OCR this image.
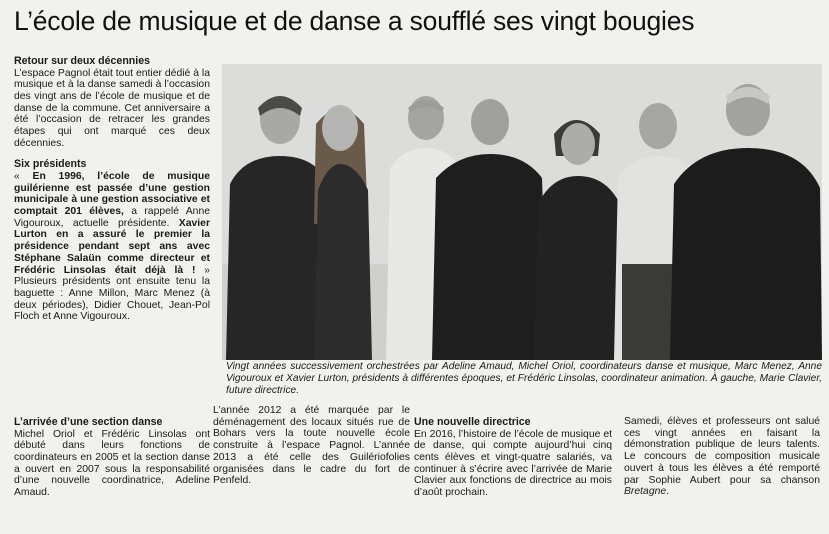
L’école de musique et de danse a soufflé ses vingt bougies

Retour sur deux décennies

L’espace Pagnol était tout entier dédié à la musique et à la danse samedi à l’occasion des vingt ans de l’école de musique et de danse de la commune. Cet anniversaire a été l’occasion de retracer les grandes étapes qui ont marqué ces deux décennies.

Six présidents

« En 1996, l’école de musique guilérienne est passée d’une gestion municipale à une gestion associative et comptait 201 élèves, a rappelé Anne Vigouroux, actuelle présidente. Xavier Lurton en a assuré le premier la présidence pendant sept ans avec Stéphane Salaün comme directeur et Frédéric Linsolas était déjà là ! » Plusieurs présidents ont ensuite tenu la baguette : Anne Millon, Marc Menez (à deux périodes), Didier Chouet, Jean-Pol Floch et Anne Vigouroux.

L’arrivée d’une section danse

Michel Oriol et Frédéric Linsolas ont débuté dans leurs fonctions de coordinateurs en 2005 et la section danse a ouvert en 2007 sous la responsabilité d’une nouvelle coordinatrice, Adeline Amaud.

L’année 2012 a été marquée par le déménagement des locaux situés rue de Bohars vers la toute nouvelle école construite à l’espace Pagnol. L’année 2013 a été celle des Guilériofolies organisées dans le cadre du fort de Penfeld.

Une nouvelle directrice

En 2016, l’histoire de l’école de musique et de danse, qui compte aujourd’hui cinq cents élèves et vingt-quatre salariés, va continuer à s’écrire avec l’arrivée de Marie Clavier aux fonctions de directrice au mois d’août prochain.

Samedi, élèves et professeurs ont salué ces vingt années en faisant la démonstration publique de leurs talents. Le concours de composition musicale ouvert à tous les élèves a été remporté par Sophie Aubert pour sa chanson Bretagne.

Vingt années successivement orchestrées par Adeline Amaud, Michel Oriol, coordinateurs danse et musique, Marc Menez, Anne Vigouroux et Xavier Lurton, présidents à différentes époques, et Frédéric Linsolas, coordinateur animation. À gauche, Marie Clavier, future directrice.
